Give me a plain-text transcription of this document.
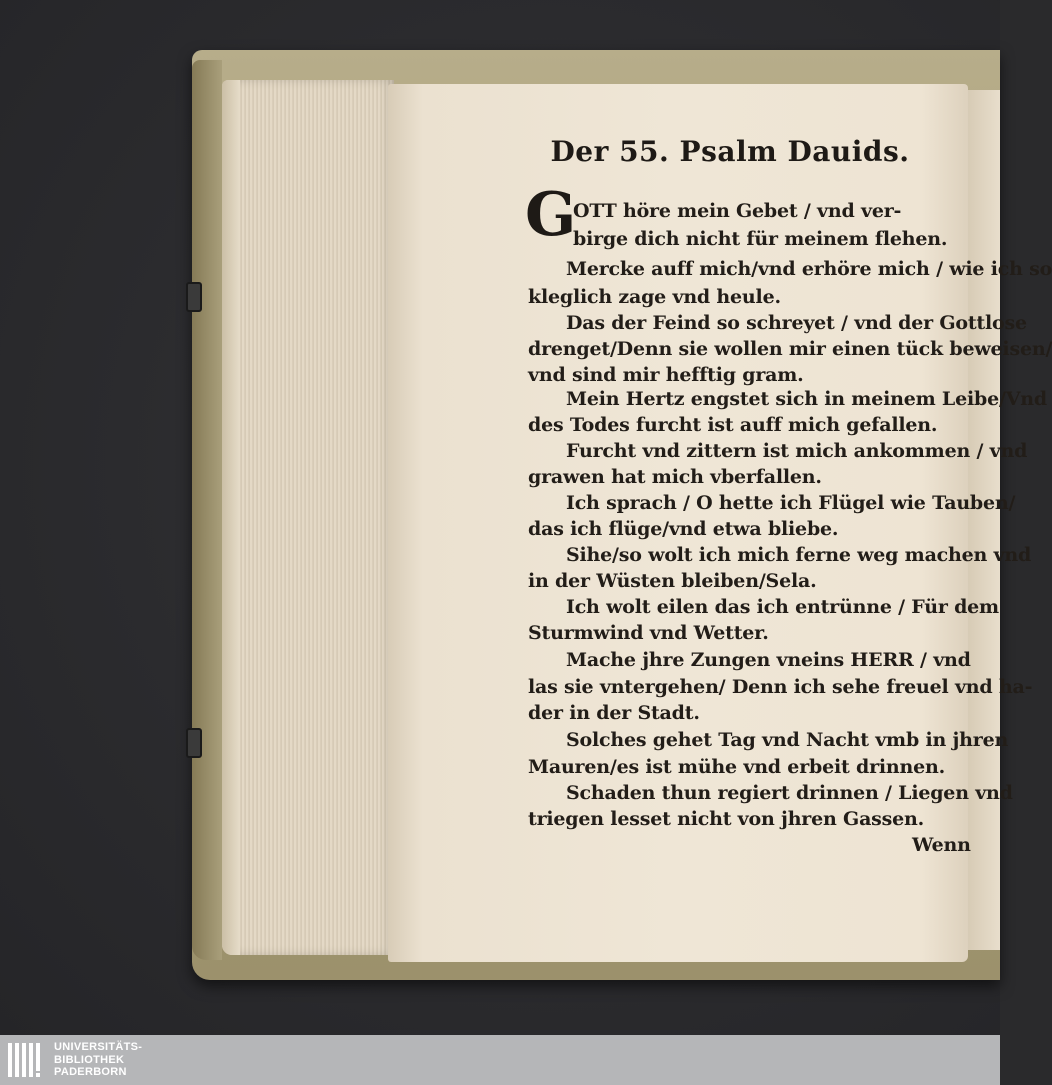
Der 55. Psalm Dauids.
G
OTT höre mein Gebet / vnd ver-
birge dich nicht für meinem flehen.
Mercke auff mich/vnd erhöre mich / wie ich so
kleglich zage vnd heule.
Das der Feind so schreyet / vnd der Gottlose
drenget/Denn sie wollen mir einen tück beweisen/
vnd sind mir hefftig gram.
Mein Hertz engstet sich in meinem Leibe/Vnd
des Todes furcht ist auff mich gefallen.
Furcht vnd zittern ist mich ankommen / vnd
grawen hat mich vberfallen.
Ich sprach / O hette ich Flügel wie Tauben/
das ich flüge/vnd etwa bliebe.
Sihe/so wolt ich mich ferne weg machen vnd
in der Wüsten bleiben/Sela.
Ich wolt eilen das ich entrünne / Für dem
Sturmwind vnd Wetter.
Mache jhre Zungen vneins HERR / vnd
las sie vntergehen/ Denn ich sehe freuel vnd ha-
der in der Stadt.
Solches gehet Tag vnd Nacht vmb in jhren
Mauren/es ist mühe vnd erbeit drinnen.
Schaden thun regiert drinnen / Liegen vnd
triegen lesset nicht von jhren Gassen.
Wenn
UNIVERSITÄTS-
BIBLIOTHEK
PADERBORN
